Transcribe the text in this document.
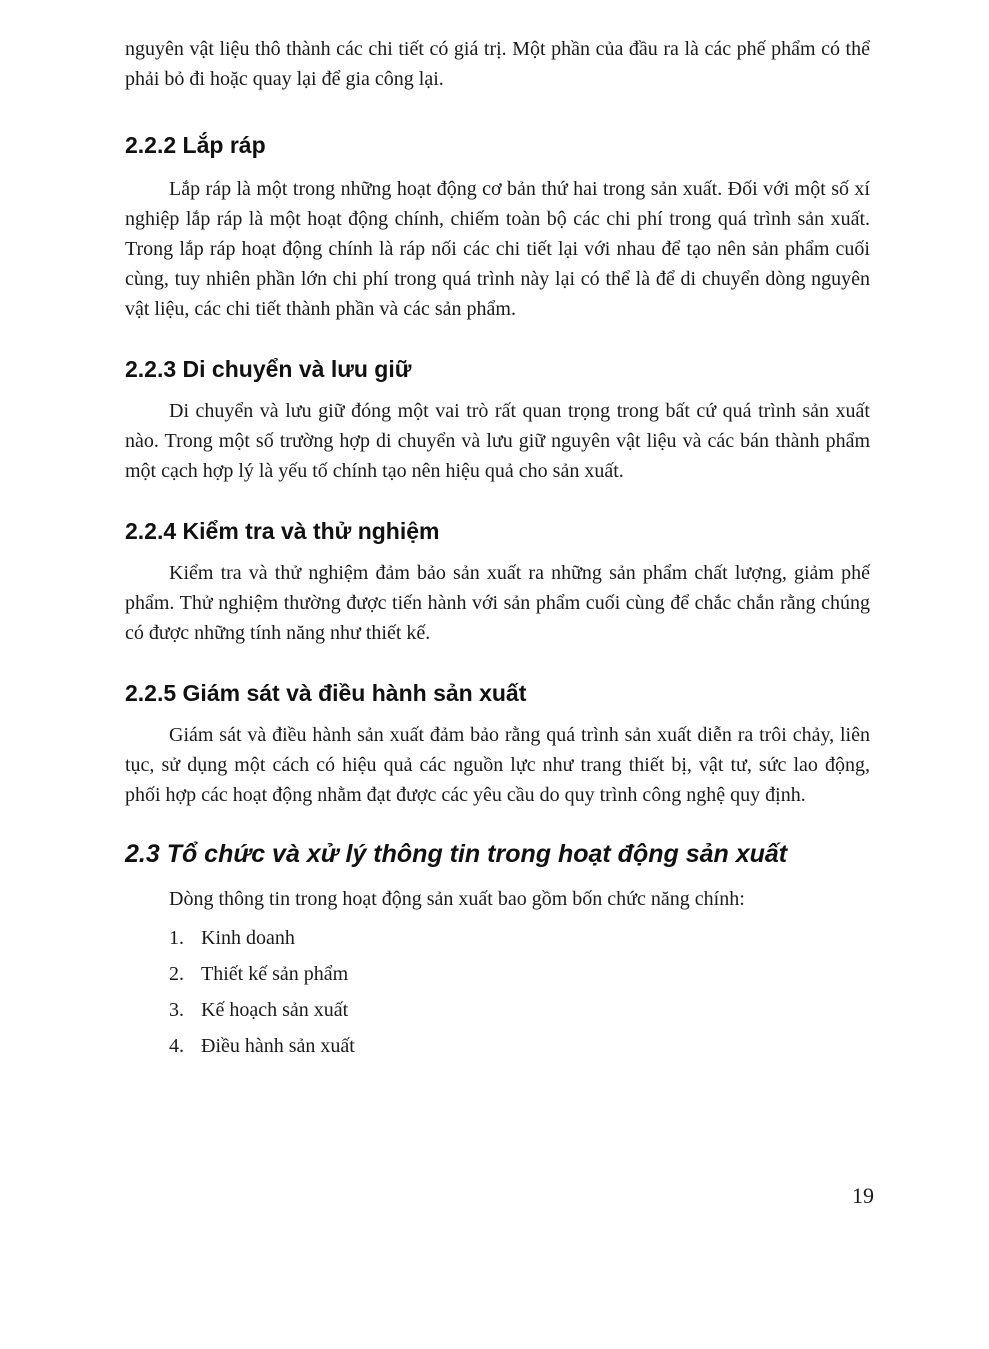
nguyên vật liệu thô thành các chi tiết có giá trị. Một phần của đầu ra là các phế phẩm có thể phải bỏ đi hoặc quay lại để gia công lại.

2.2.2 Lắp ráp

Lắp ráp là một trong những hoạt động cơ bản thứ hai trong sản xuất. Đối với một số xí nghiệp lắp ráp là một hoạt động chính, chiếm toàn bộ các chi phí trong quá trình sản xuất. Trong lắp ráp hoạt động chính là ráp nối các chi tiết lại với nhau để tạo nên sản phẩm cuối cùng, tuy nhiên phần lớn chi phí trong quá trình này lại có thể là để di chuyển dòng nguyên vật liệu, các chi tiết thành phần và các sản phẩm.

2.2.3 Di chuyển và lưu giữ

Di chuyển và lưu giữ đóng một vai trò rất quan trọng trong bất cứ quá trình sản xuất nào. Trong một số trường hợp di chuyển và lưu giữ nguyên vật liệu và các bán thành phẩm một cạch hợp lý là yếu tố chính tạo nên hiệu quả cho sản xuất.

2.2.4 Kiểm tra và thử nghiệm

Kiểm tra và thử nghiệm đảm bảo sản xuất ra những sản phẩm chất lượng, giảm phế phẩm. Thử nghiệm thường được tiến hành với sản phẩm cuối cùng để chắc chắn rằng chúng có được những tính năng như thiết kế.

2.2.5 Giám sát và điều hành sản xuất

Giám sát và điều hành sản xuất đảm bảo rằng quá trình sản xuất diễn ra trôi chảy, liên tục, sử dụng một cách có hiệu quả các nguồn lực như trang thiết bị, vật tư, sức lao động, phối hợp các hoạt động nhằm đạt được các yêu cầu do quy trình công nghệ quy định.

2.3 Tổ chức và xử lý thông tin trong hoạt động sản xuất

Dòng thông tin trong hoạt động sản xuất bao gồm bốn chức năng chính:

1. Kinh doanh
2. Thiết kế sản phẩm
3. Kế hoạch sản xuất
4. Điều hành sản xuất
19
